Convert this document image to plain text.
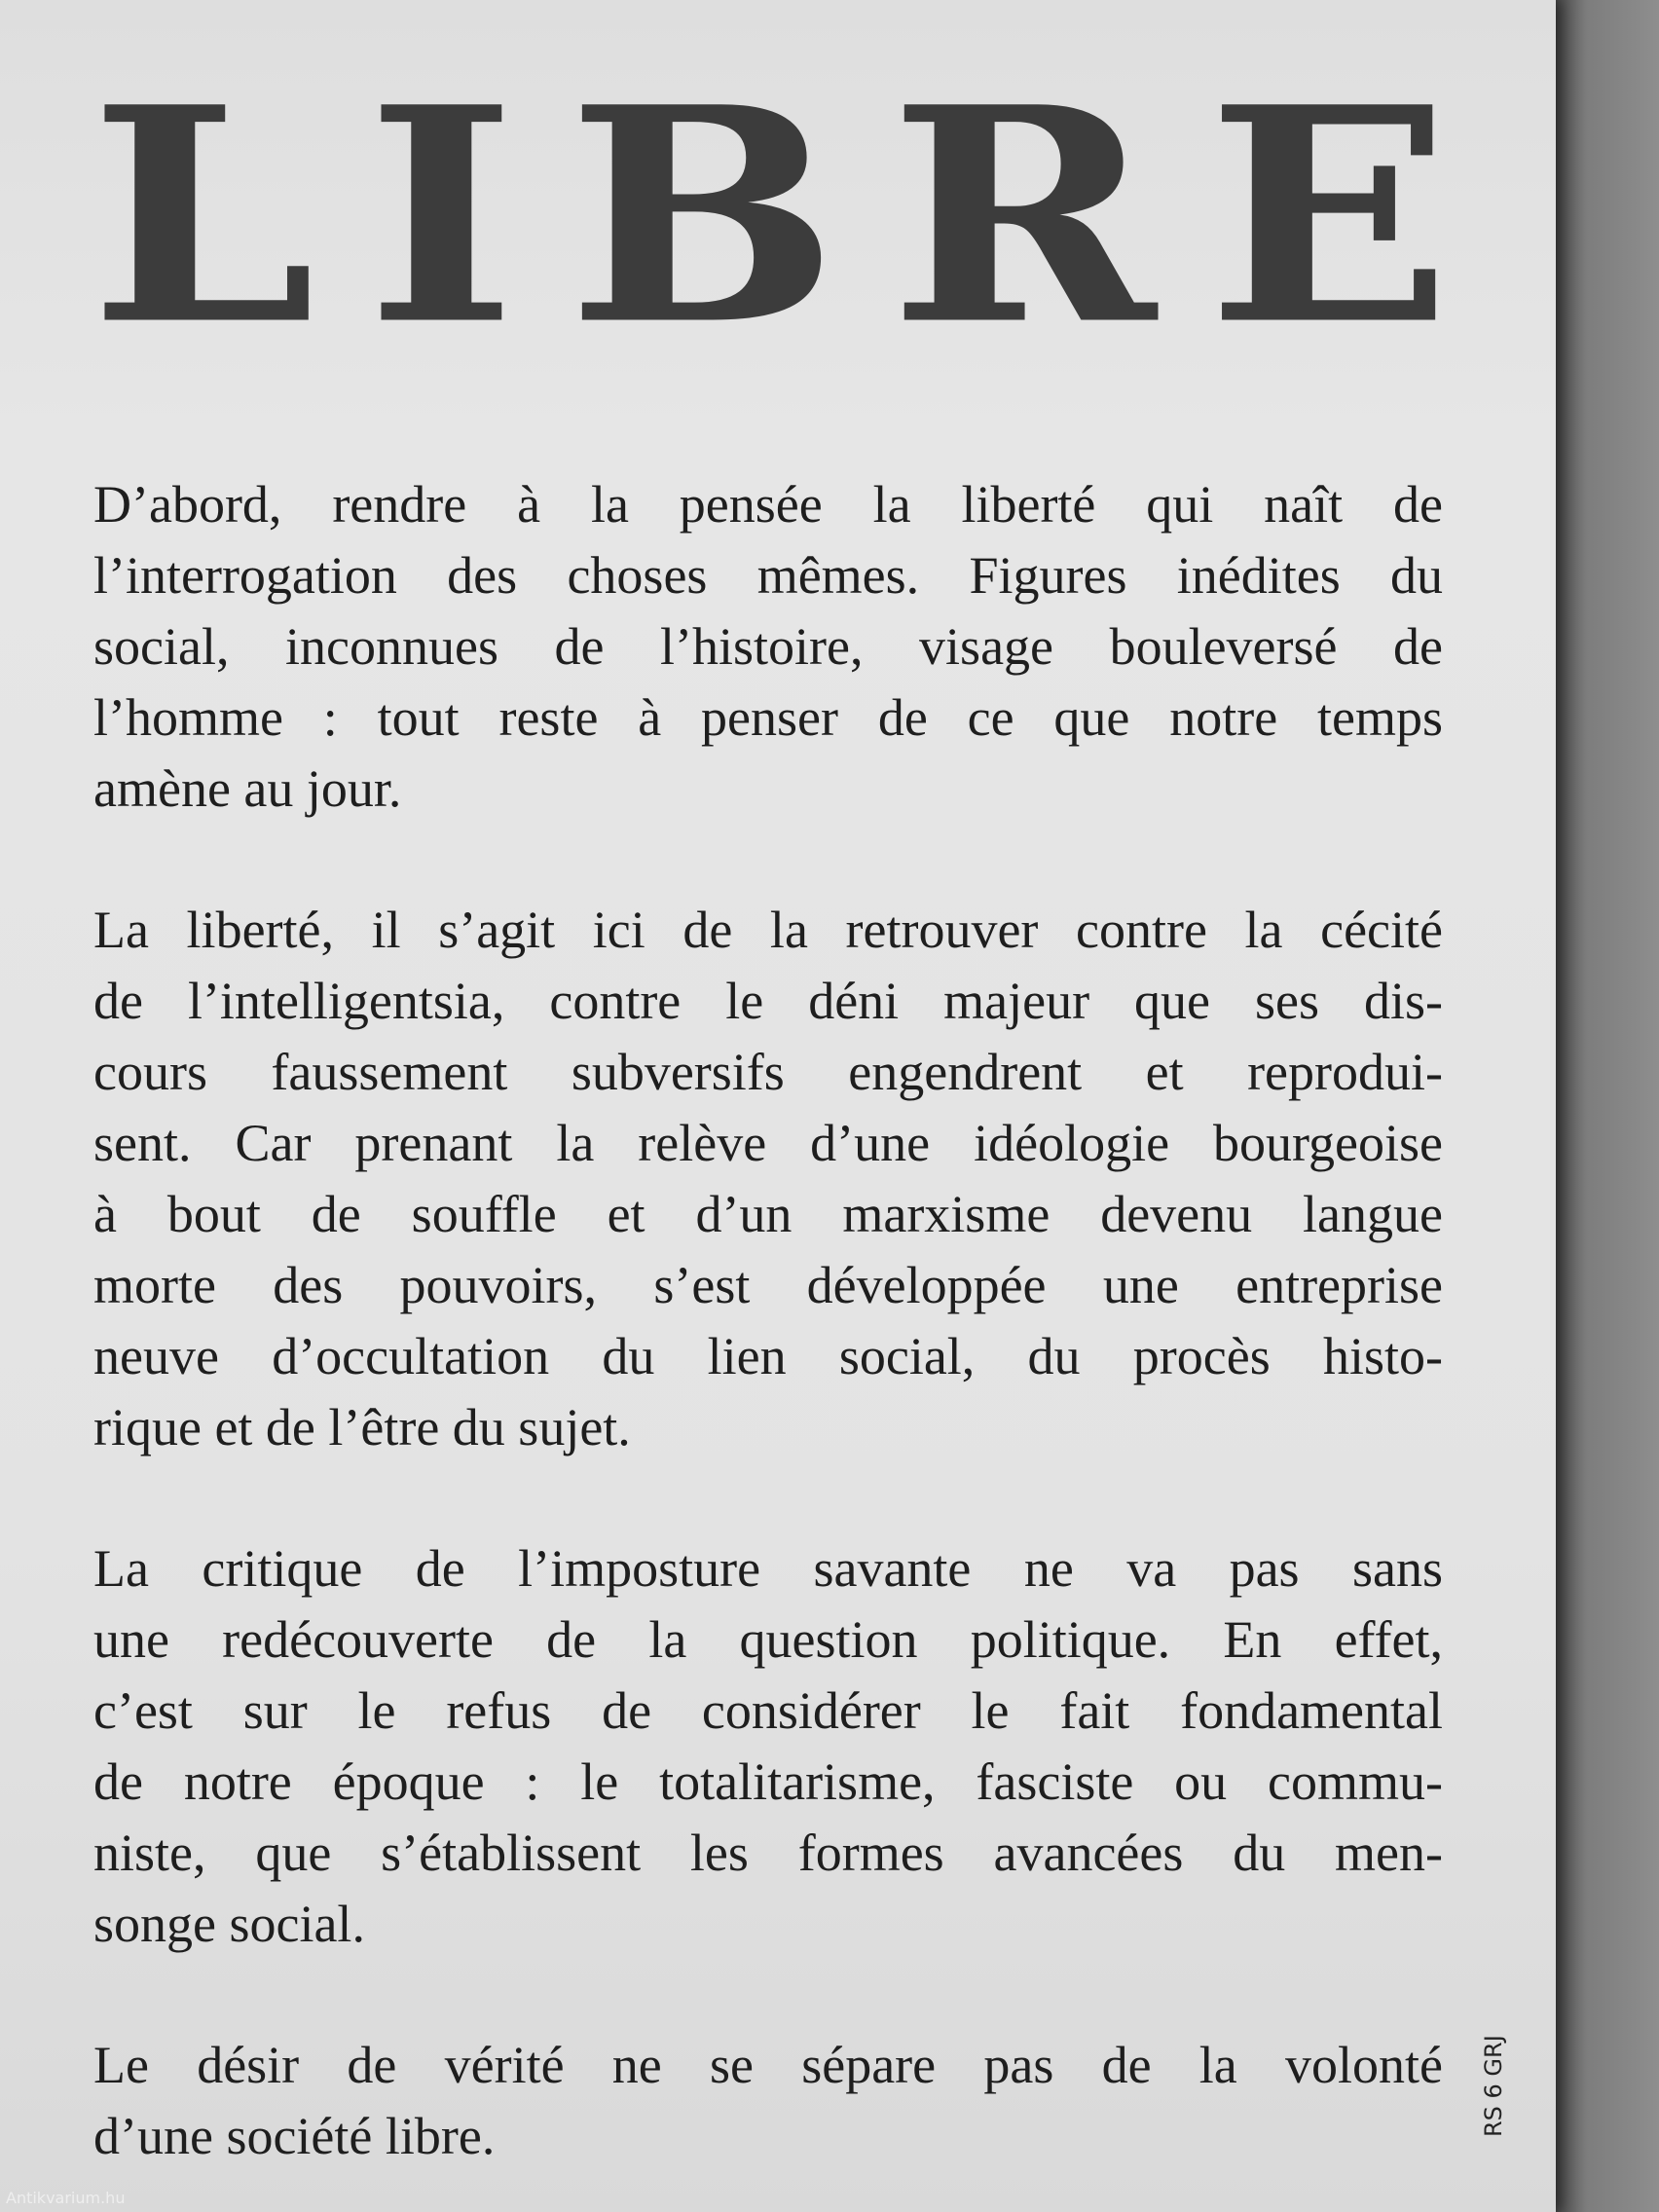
LIBRE

D’abord, rendre à la pensée la liberté qui naît de
l’interrogation des choses mêmes. Figures inédites du
social, inconnues de l’histoire, visage bouleversé de
l’homme : tout reste à penser de ce que notre temps
amène au jour.

La liberté, il s’agit ici de la retrouver contre la cécité
de l’intelligentsia, contre le déni majeur que ses dis-
cours faussement subversifs engendrent et reprodui-
sent. Car prenant la relève d’une idéologie bourgeoise
à bout de souffle et d’un marxisme devenu langue
morte des pouvoirs, s’est développée une entreprise
neuve d’occultation du lien social, du procès histo-
rique et de l’être du sujet.

La critique de l’imposture savante ne va pas sans
une redécouverte de la question politique. En effet,
c’est sur le refus de considérer le fait fondamental
de notre époque : le totalitarisme, fasciste ou commu-
niste, que s’établissent les formes avancées du men-
songe social.

Le désir de vérité ne se sépare pas de la volonté
d’une société libre.	RS 6 GRJ
Antikvarium.hu
